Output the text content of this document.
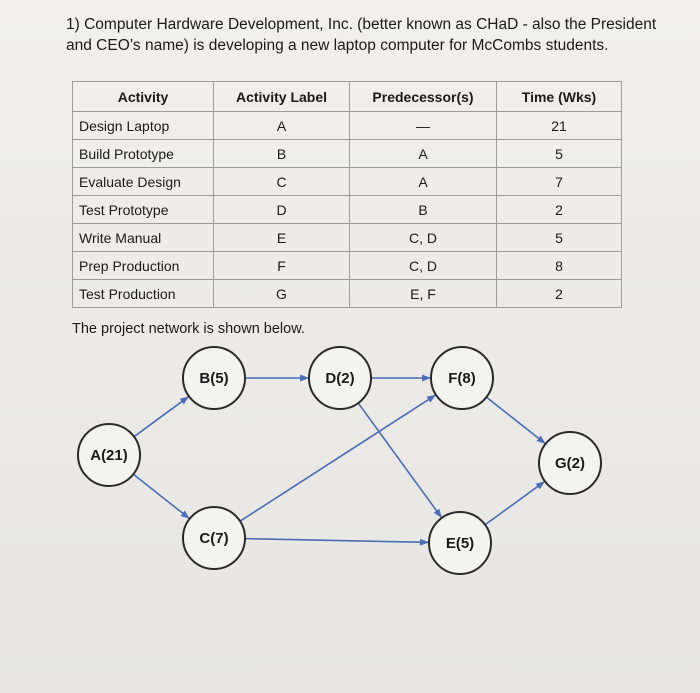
1) Computer Hardware Development, Inc. (better known as CHaD - also the President
and CEO’s name) is developing a new laptop computer for McCombs students.
Activity	Activity Label	Predecessor(s)	Time (Wks)
Design Laptop	A	—	21
Build Prototype	B	A	5
Evaluate Design	C	A	7
Test Prototype	D	B	2
Write Manual	E	C, D	5
Prep Production	F	C, D	8
Test Production	G	E, F	2
The project network is shown below.
A(21)
B(5)
C(7)
D(2)
E(5)
F(8)
G(2)
